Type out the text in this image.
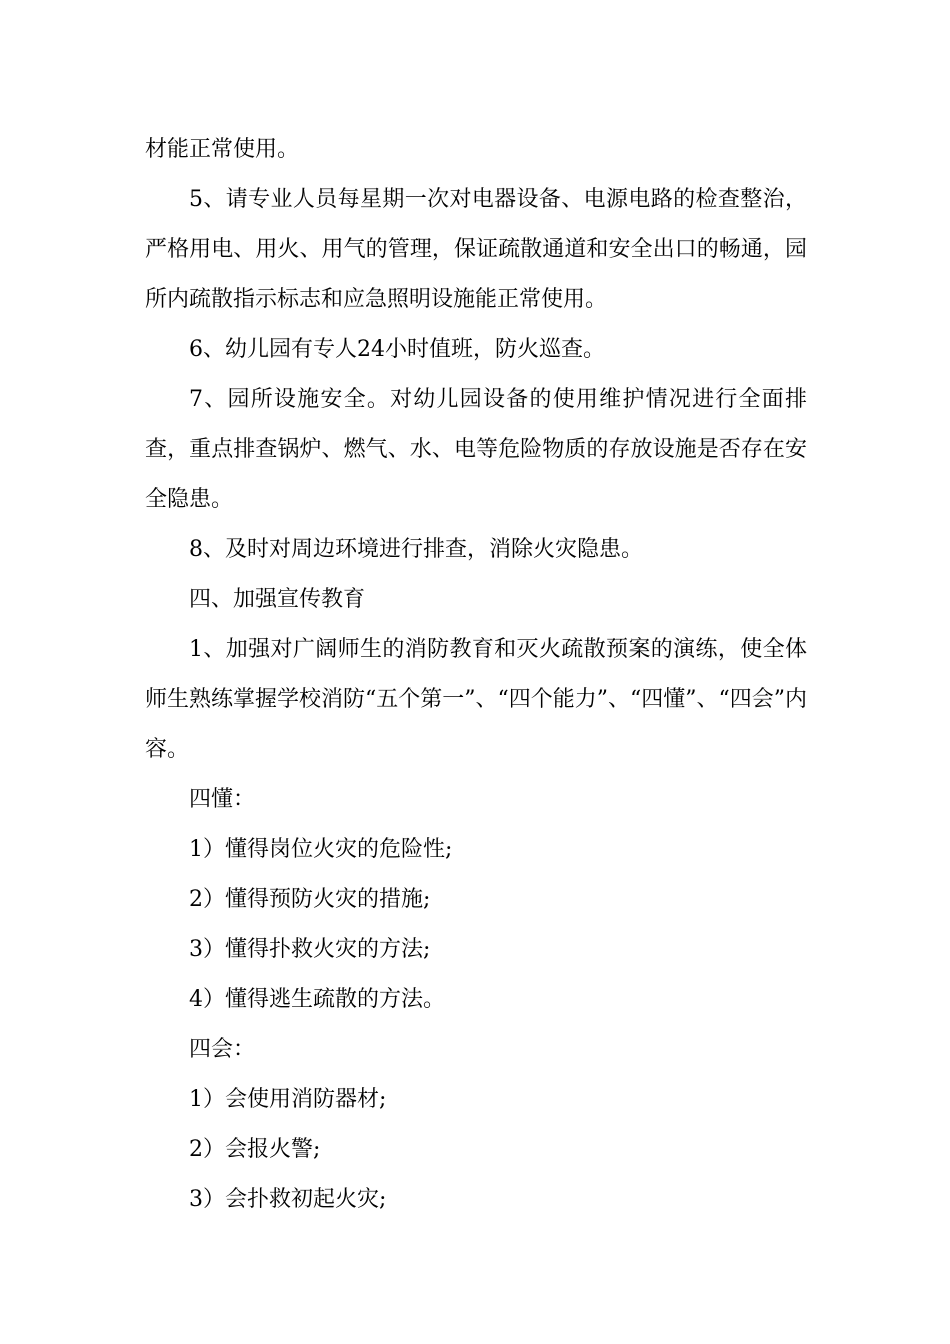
材能正常使用。

5、请专业人员每星期一次对电器设备、电源电路的检查整治，严格用电、用火、用气的管理，保证疏散通道和安全出口的畅通，园所内疏散指示标志和应急照明设施能正常使用。

6、幼儿园有专人24小时值班，防火巡查。

7、园所设施安全。对幼儿园设备的使用维护情况进行全面排查，重点排查锅炉、燃气、水、电等危险物质的存放设施是否存在安全隐患。

8、及时对周边环境进行排查，消除火灾隐患。

四、加强宣传教育

1、加强对广阔师生的消防教育和灭火疏散预案的演练，使全体师生熟练掌握学校消防“五个第一”、“四个能力”、“四懂”、“四会”内容。

四懂：

1）懂得岗位火灾的危险性;

2）懂得预防火灾的措施;

3）懂得扑救火灾的方法;

4）懂得逃生疏散的方法。

四会：

1）会使用消防器材;

2）会报火警;

3）会扑救初起火灾;
